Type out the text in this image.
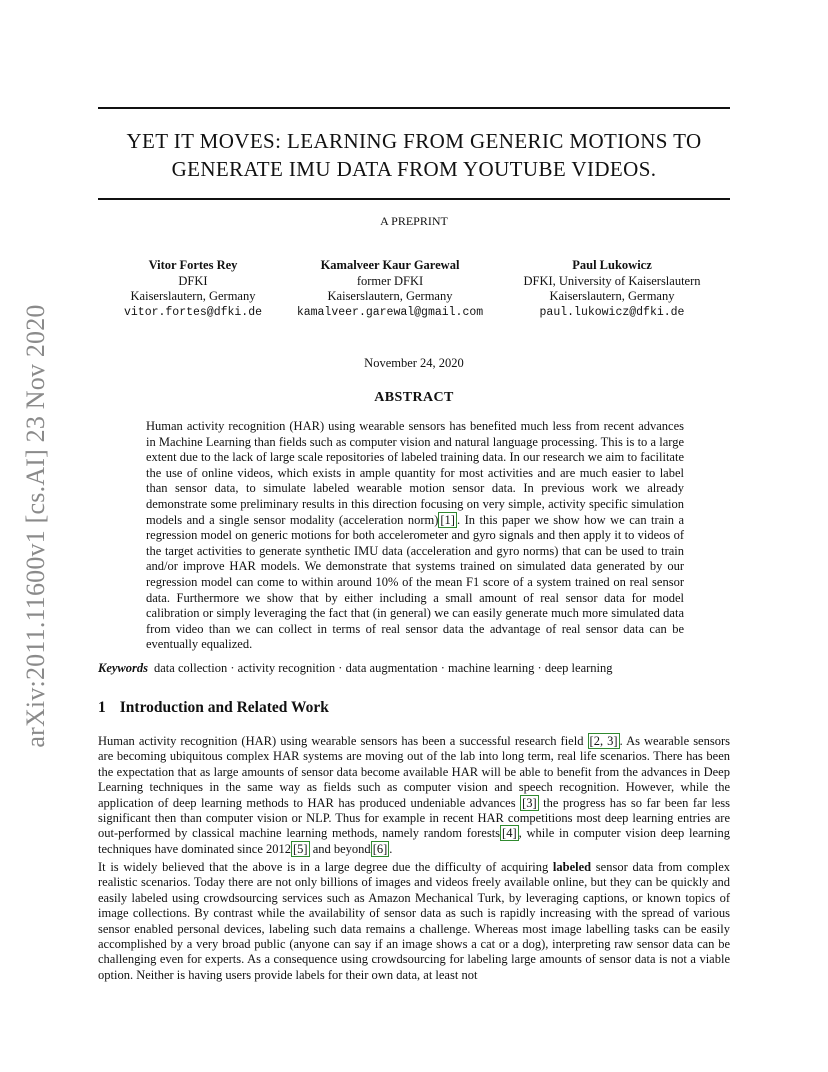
arXiv:2011.11600v1 [cs.AI] 23 Nov 2020
YET IT MOVES: LEARNING FROM GENERIC MOTIONS TO
GENERATE IMU DATA FROM YOUTUBE VIDEOS.
A PREPRINT
Vitor Fortes Rey
DFKI
Kaiserslautern, Germany
vitor.fortes@dfki.de
Kamalveer Kaur Garewal
former DFKI
Kaiserslautern, Germany
kamalveer.garewal@gmail.com
Paul Lukowicz
DFKI, University of Kaiserslautern
Kaiserslautern, Germany
paul.lukowicz@dfki.de
November 24, 2020
ABSTRACT
Human activity recognition (HAR) using wearable sensors has benefited much less from recent advances in Machine Learning than fields such as computer vision and natural language processing. This is to a large extent due to the lack of large scale repositories of labeled training data. In our research we aim to facilitate the use of online videos, which exists in ample quantity for most activities and are much easier to label than sensor data, to simulate labeled wearable motion sensor data. In previous work we already demonstrate some preliminary results in this direction focusing on very simple, activity specific simulation models and a single sensor modality (acceleration norm) [1] . In this paper we show how we can train a regression model on generic motions for both accelerometer and gyro signals and then apply it to videos of the target activities to generate synthetic IMU data (acceleration and gyro norms) that can be used to train and/or improve HAR models. We demonstrate that systems trained on simulated data generated by our regression model can come to within around 10% of the mean F1 score of a system trained on real sensor data. Furthermore we show that by either including a small amount of real sensor data for model calibration or simply leveraging the fact that (in general) we can easily generate much more simulated data from video than we can collect in terms of real sensor data the advantage of real sensor data can be eventually equalized.
Keywords data collection · activity recognition · data augmentation · machine learning · deep learning
1 Introduction and Related Work
Human activity recognition (HAR) using wearable sensors has been a successful research field [2, 3] . As wearable sensors are becoming ubiquitous complex HAR systems are moving out of the lab into long term, real life scenarios. There has been the expectation that as large amounts of sensor data become available HAR will be able to benefit from the advances in Deep Learning techniques in the same way as fields such as computer vision and speech recognition. However, while the application of deep learning methods to HAR has produced undeniable advances [3] the progress has so far been far less significant then than computer vision or NLP. Thus for example in recent HAR competitions most deep learning entries are out-performed by classical machine learning methods, namely random forests [4] , while in computer vision deep learning techniques have dominated since 2012 [5] and beyond [6] .
It is widely believed that the above is in a large degree due the difficulty of acquiring labeled sensor data from complex realistic scenarios. Today there are not only billions of images and videos freely available online, but they can be quickly and easily labeled using crowdsourcing services such as Amazon Mechanical Turk, by leveraging captions, or known topics of image collections. By contrast while the availability of sensor data as such is rapidly increasing with the spread of various sensor enabled personal devices, labeling such data remains a challenge. Whereas most image labelling tasks can be easily accomplished by a very broad public (anyone can say if an image shows a cat or a dog), interpreting raw sensor data can be challenging even for experts. As a consequence using crowdsourcing for labeling large amounts of sensor data is not a viable option. Neither is having users provide labels for their own data, at least not
